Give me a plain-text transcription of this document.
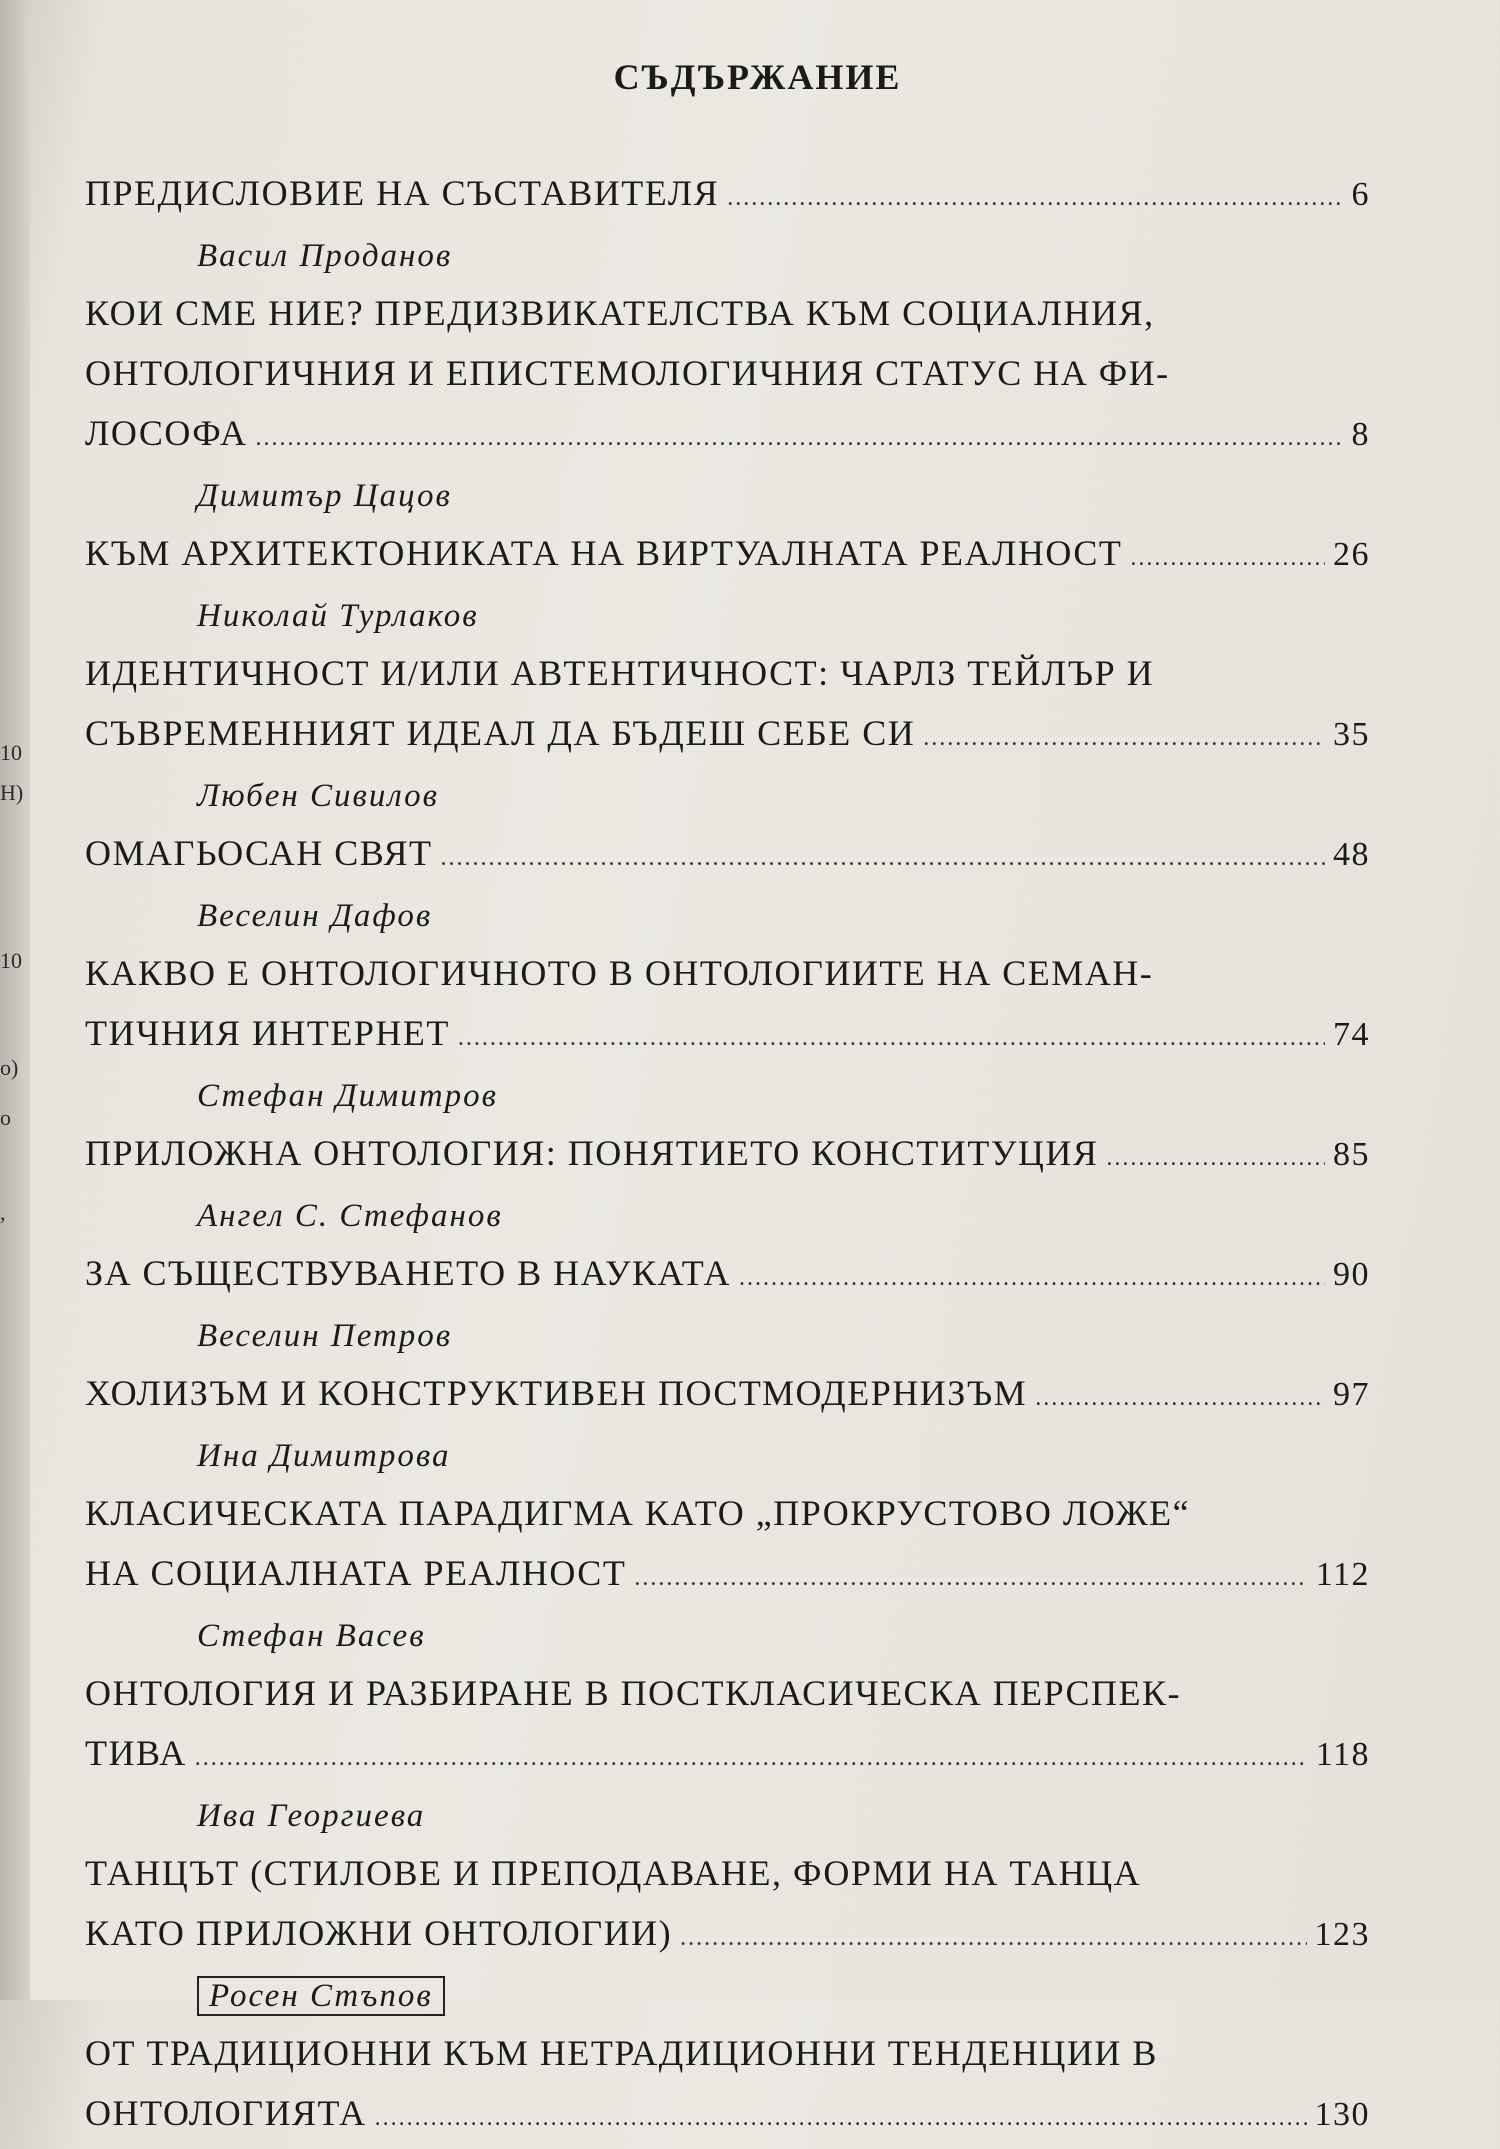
10
Н)
10
о)
о
,
СЪДЪРЖАНИЕ
ПРЕДИСЛОВИЕ НА СЪСТАВИТЕЛЯ .....	6
Васил Проданов
КОИ СМЕ НИЕ? ПРЕДИЗВИКАТЕЛСТВА КЪМ СОЦИАЛНИЯ,
ОНТОЛОГИЧНИЯ И ЕПИСТЕМОЛОГИЧНИЯ СТАТУС НА ФИ-
ЛОСОФА .....	8
Димитър Цацов
КЪМ АРХИТЕКТОНИКАТА НА ВИРТУАЛНАТА РЕАЛНОСТ .....	26
Николай Турлаков
ИДЕНТИЧНОСТ И/ИЛИ АВТЕНТИЧНОСТ: ЧАРЛЗ ТЕЙЛЪР И
СЪВРЕМЕННИЯТ ИДЕАЛ ДА БЪДЕШ СЕБЕ СИ .....	35
Любен Сивилов
ОМАГЬОСАН СВЯТ .....	48
Веселин Дафов
КАКВО Е ОНТОЛОГИЧНОТО В ОНТОЛОГИИТЕ НА СЕМАН-
ТИЧНИЯ ИНТЕРНЕТ .....	74
Стефан Димитров
ПРИЛОЖНА ОНТОЛОГИЯ: ПОНЯТИЕТО КОНСТИТУЦИЯ .....	85
Ангел С. Стефанов
ЗА СЪЩЕСТВУВАНЕТО В НАУКАТА .....	90
Веселин Петров
ХОЛИЗЪМ И КОНСТРУКТИВЕН ПОСТМОДЕРНИЗЪМ .....	97
Ина Димитрова
КЛАСИЧЕСКАТА ПАРАДИГМА КАТО „ПРОКРУСТОВО ЛОЖЕ“
НА СОЦИАЛНАТА РЕАЛНОСТ .....	112
Стефан Васев
ОНТОЛОГИЯ И РАЗБИРАНЕ В ПОСТКЛАСИЧЕСКА ПЕРСПЕК-
ТИВА .....	118
Ива Георгиева
ТАНЦЪТ (СТИЛОВЕ И ПРЕПОДАВАНЕ, ФОРМИ НА ТАНЦА
КАТО ПРИЛОЖНИ ОНТОЛОГИИ) .....	123
Росен Стъпов
ОТ ТРАДИЦИОННИ КЪМ НЕТРАДИЦИОННИ ТЕНДЕНЦИИ В
ОНТОЛОГИЯТА .....	130
